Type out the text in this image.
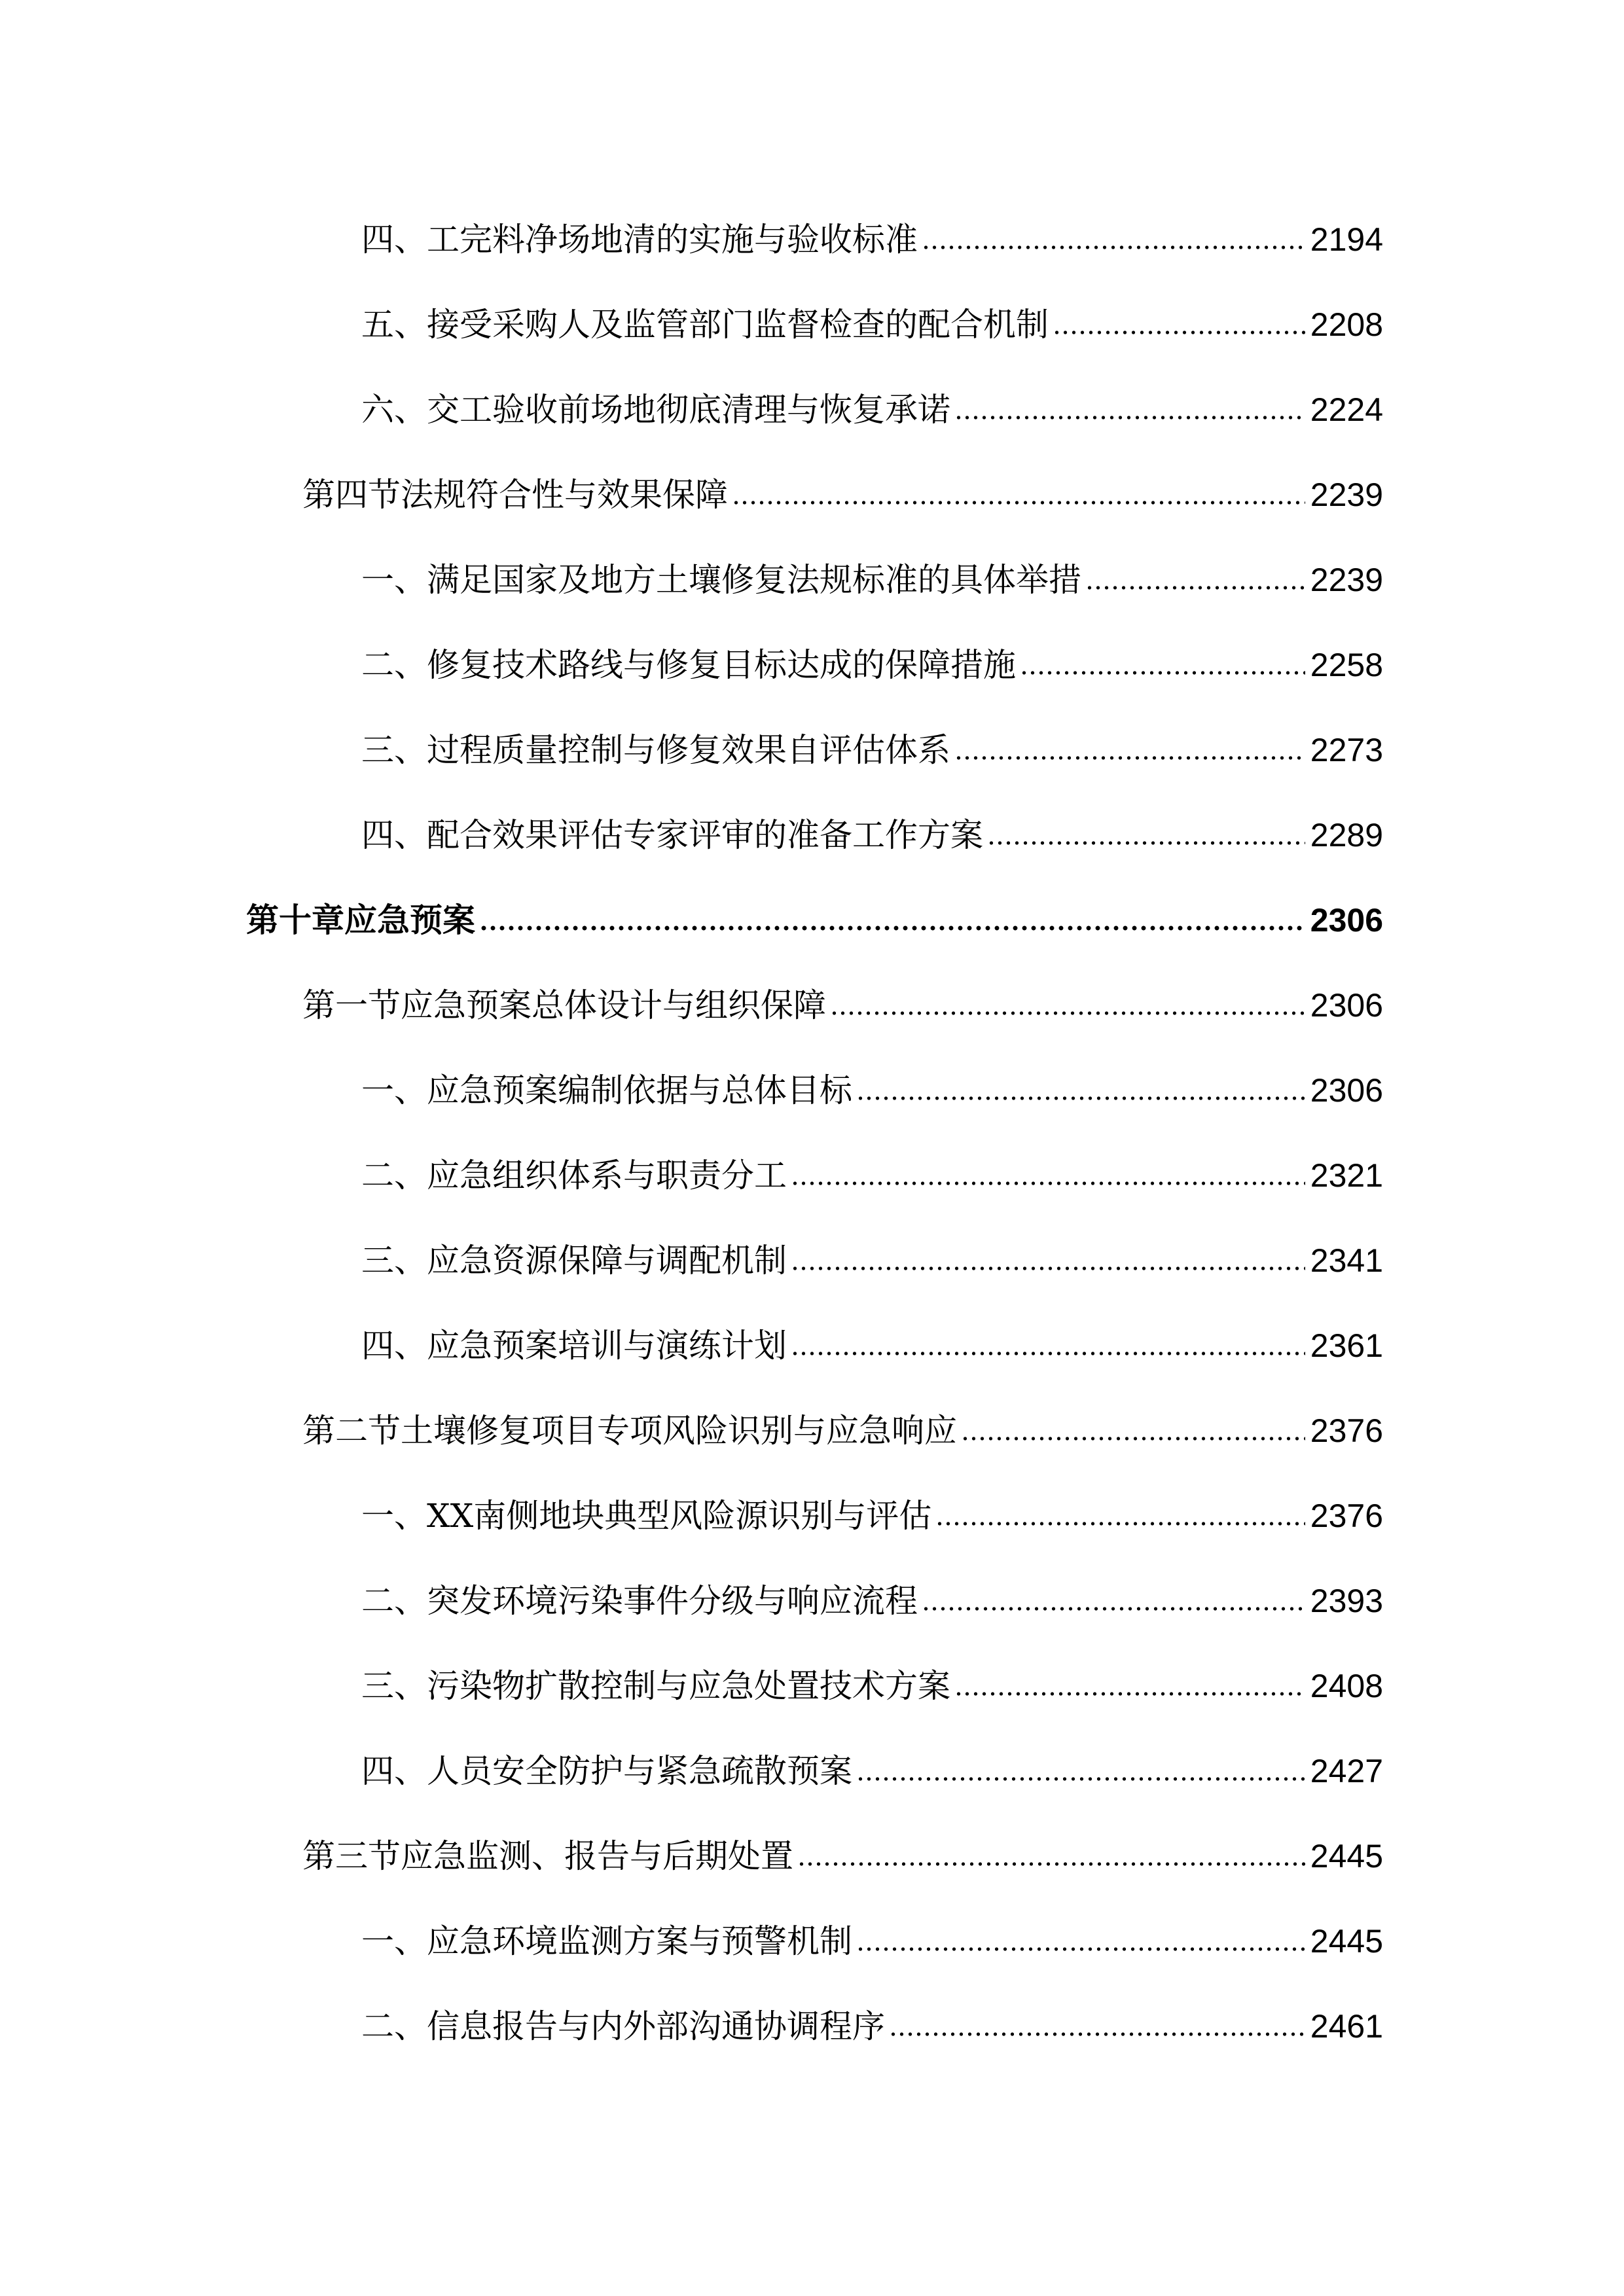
四、工完料净场地清的实施与验收标准	2194
五、接受采购人及监管部门监督检查的配合机制	2208
六、交工验收前场地彻底清理与恢复承诺	2224
第四节法规符合性与效果保障	2239
一、满足国家及地方土壤修复法规标准的具体举措	2239
二、修复技术路线与修复目标达成的保障措施	2258
三、过程质量控制与修复效果自评估体系	2273
四、配合效果评估专家评审的准备工作方案	2289
第十章应急预案	2306
第一节应急预案总体设计与组织保障	2306
一、应急预案编制依据与总体目标	2306
二、应急组织体系与职责分工	2321
三、应急资源保障与调配机制	2341
四、应急预案培训与演练计划	2361
第二节土壤修复项目专项风险识别与应急响应	2376
一、XX南侧地块典型风险源识别与评估	2376
二、突发环境污染事件分级与响应流程	2393
三、污染物扩散控制与应急处置技术方案	2408
四、人员安全防护与紧急疏散预案	2427
第三节应急监测、报告与后期处置	2445
一、应急环境监测方案与预警机制	2445
二、信息报告与内外部沟通协调程序	2461
